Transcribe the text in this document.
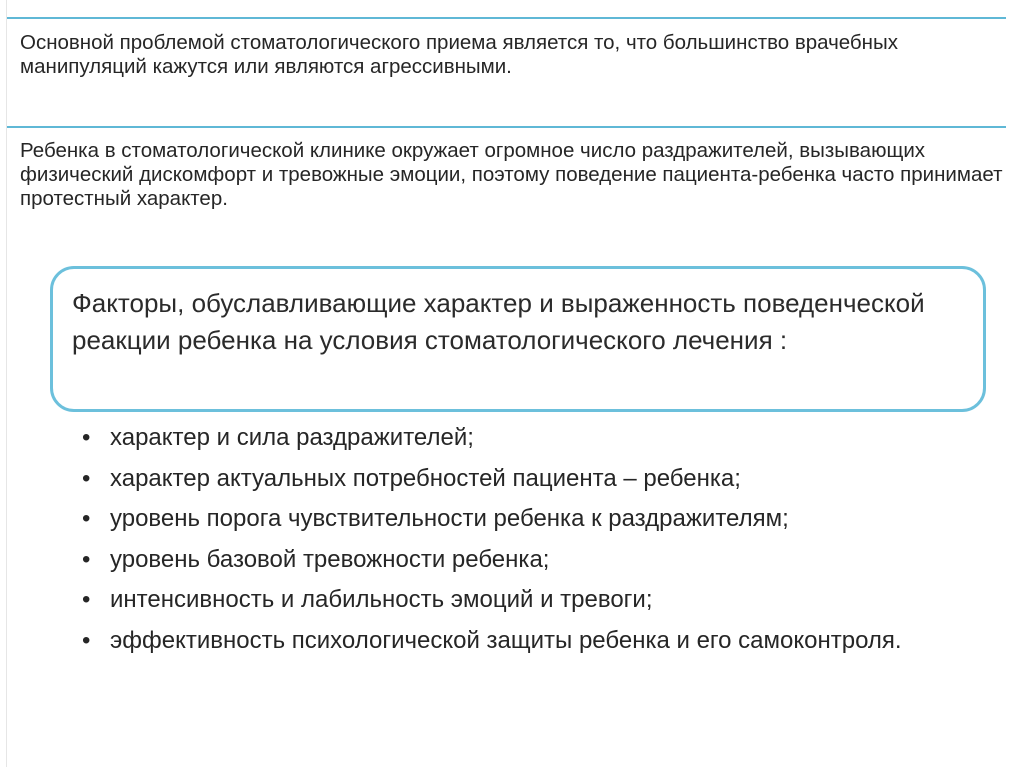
Основной проблемой стоматологического приема является то, что большинство врачебных манипуляций кажутся или являются агрессивными.

Ребенка в стоматологической клинике окружает огромное число раздражителей, вызывающих физический дискомфорт и тревожные эмоции, поэтому поведение пациента-ребенка часто принимает протестный характер.

Факторы, обуславливающие характер и выраженность поведенческой реакции ребенка на условия стоматологического лечения :

• характер и сила раздражителей;
• характер актуальных потребностей пациента – ребенка;
• уровень порога чувствительности ребенка к раздражителям;
• уровень базовой тревожности ребенка;
• интенсивность и лабильность эмоций и тревоги;
• эффективность психологической защиты ребенка и его самоконтроля.
